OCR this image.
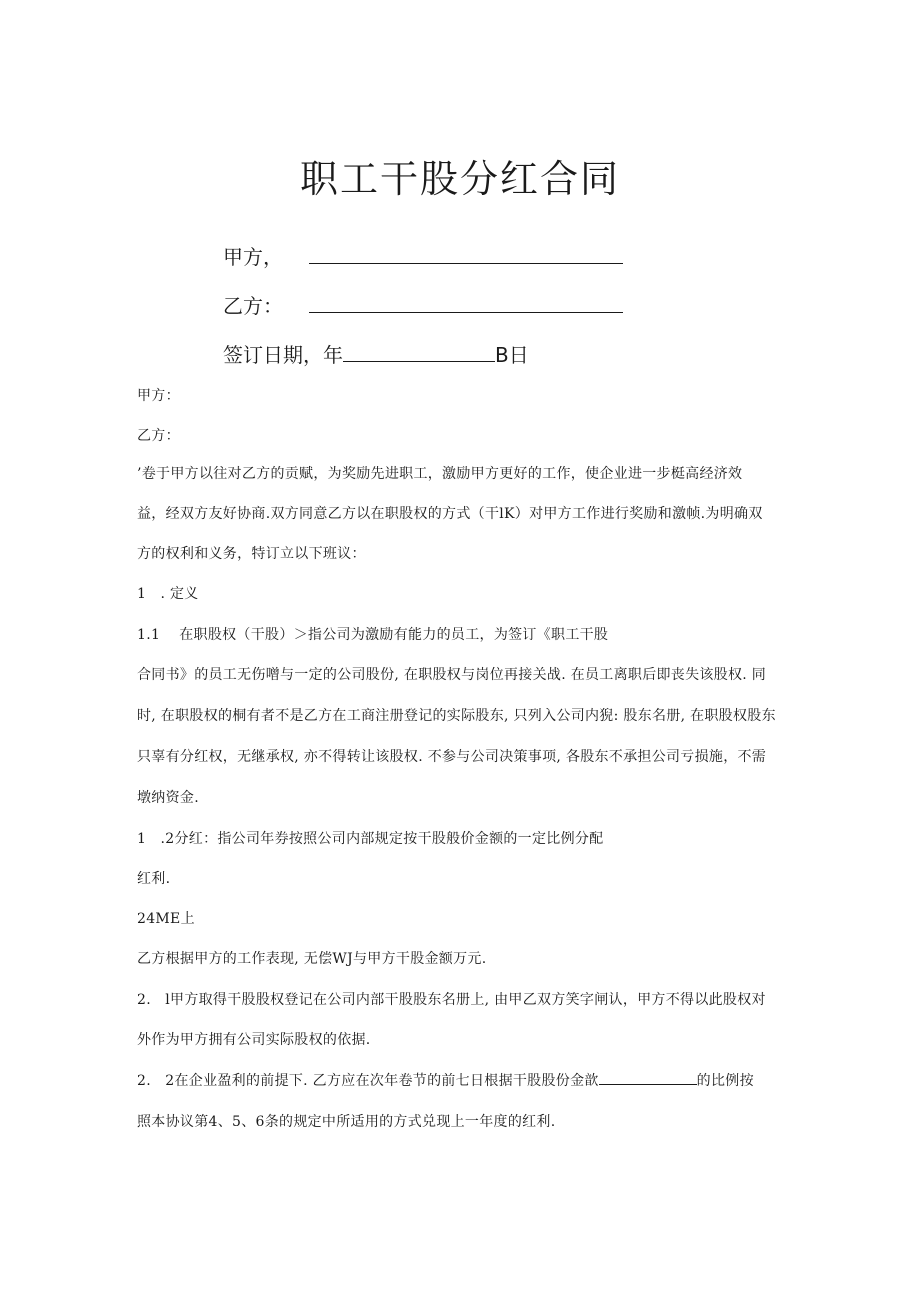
职工干股分红合同
甲方，
乙方：
签订日期，年	B日
甲方：
乙方：
’卷于甲方以往对乙方的贡赋，为奖励先进职工，激励甲方更好的工作，使企业进一步梃高经济效
益，经双方友好协商.双方同意乙方以在职股权的方式（干lK）对甲方工作进行奖励和激帧.为明确双
方的权利和义务，特订立以下班议：
1　. 定义
1.1　 在职股权（干股）＞指公司为激励有能力的员工，为签订《职工干股
合同书》的员工无伤噌与一定的公司股份, 在职股权与岗位再接关战. 在员工离职后即丧失该股权. 同
时, 在职股权的桐有者不是乙方在工商注册登记的实际股东, 只列入公司内猊: 股东名册, 在职股权股东
只辜有分红权，无继承权, 亦不得转让该股权. 不参与公司决策事项, 各股东不承担公司亏损施，不需
墩纳资金.
1　.2分红：指公司年券按照公司内部规定按干股般价金额的一定比例分配
红利.
24ME上
乙方根据甲方的工作表现, 无偿WJ与甲方干股金额万元.
2.　l甲方取得干股股权登记在公司内部干股股东名册上, 由甲乙双方笑字闸认，甲方不得以此股权对
外作为甲方拥有公司实际股权的依据.
2.　2在企业盈利的前提下. 乙方应在次年卷节的前七日根据干股股份金歆	的比例按
照本协议第4、5、6条的规定中所适用的方式兑现上一年度的红利.
